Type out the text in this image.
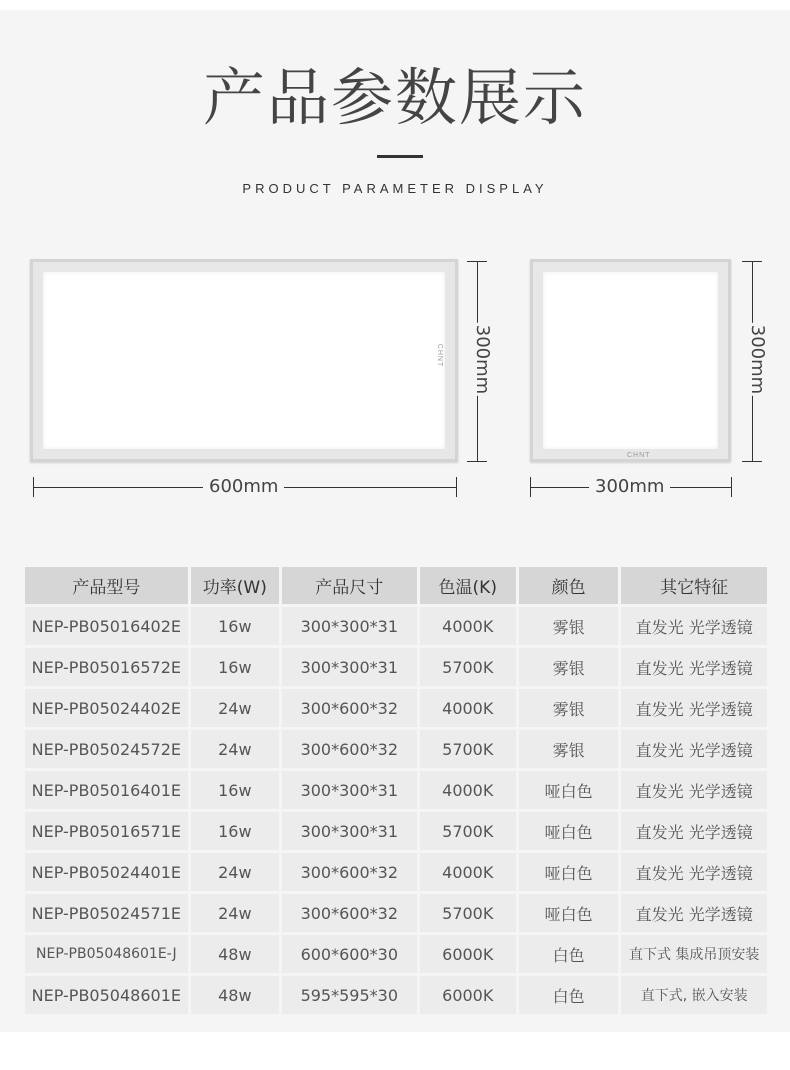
产品参数展示
PRODUCT PARAMETER DISPLAY
CHNT 300mm
600mm
CHNT
300mm
300mm
产品型号	功率(W)	产品尺寸	色温(K)	颜色	其它特征
NEP-PB05016402E	16w	300*300*31	4000K	雾银	直发光 光学透镜
NEP-PB05016572E	16w	300*300*31	5700K	雾银	直发光 光学透镜
NEP-PB05024402E	24w	300*600*32	4000K	雾银	直发光 光学透镜
NEP-PB05024572E	24w	300*600*32	5700K	雾银	直发光 光学透镜
NEP-PB05016401E	16w	300*300*31	4000K	哑白色	直发光 光学透镜
NEP-PB05016571E	16w	300*300*31	5700K	哑白色	直发光 光学透镜
NEP-PB05024401E	24w	300*600*32	4000K	哑白色	直发光 光学透镜
NEP-PB05024571E	24w	300*600*32	5700K	哑白色	直发光 光学透镜
NEP-PB05048601E-J	48w	600*600*30	6000K	白色	直下式 集成吊顶安装
NEP-PB05048601E	48w	595*595*30	6000K	白色	直下式, 嵌入安装
